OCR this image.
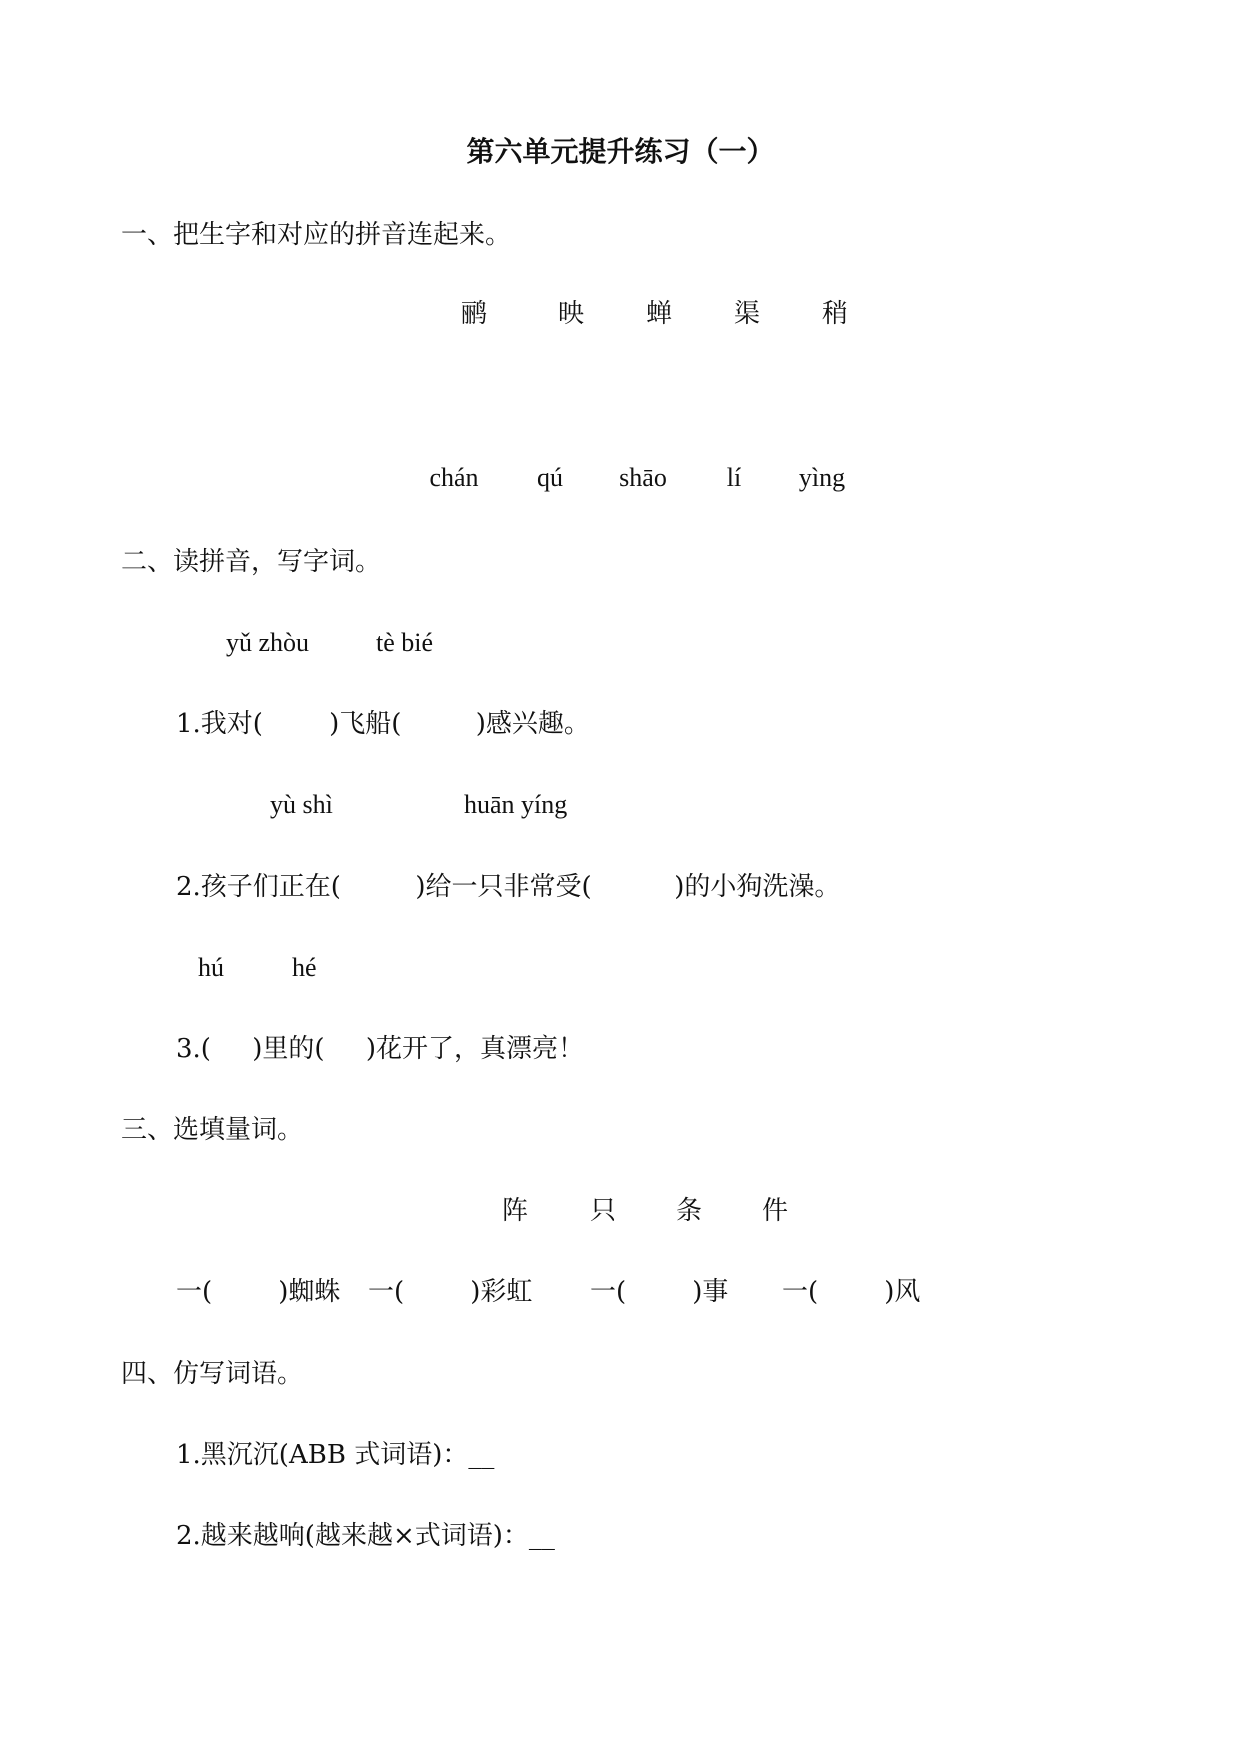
第六单元提升练习（一）
一、把生字和对应的拼音连起来。
鹂	映	蝉	渠	稍
chán	qú shāo lí yìng
二、读拼音，写字词。
yǔ zhòu	tè bié
1.我对(        )飞船(         )感兴趣。
yù shì	huān yíng
2.孩子们正在(         )给一只非常受(          )的小狗洗澡。
hú	hé
3.(     )里的(     )花开了，真漂亮！
三、选填量词。
阵 只 条 件
一(        )蜘蛛 一(        )彩虹 一(        )事 一(        )风
四、仿写词语。
1.黑沉沉(ABB 式词语)：__
2.越来越响(越来越×式词语)：__
